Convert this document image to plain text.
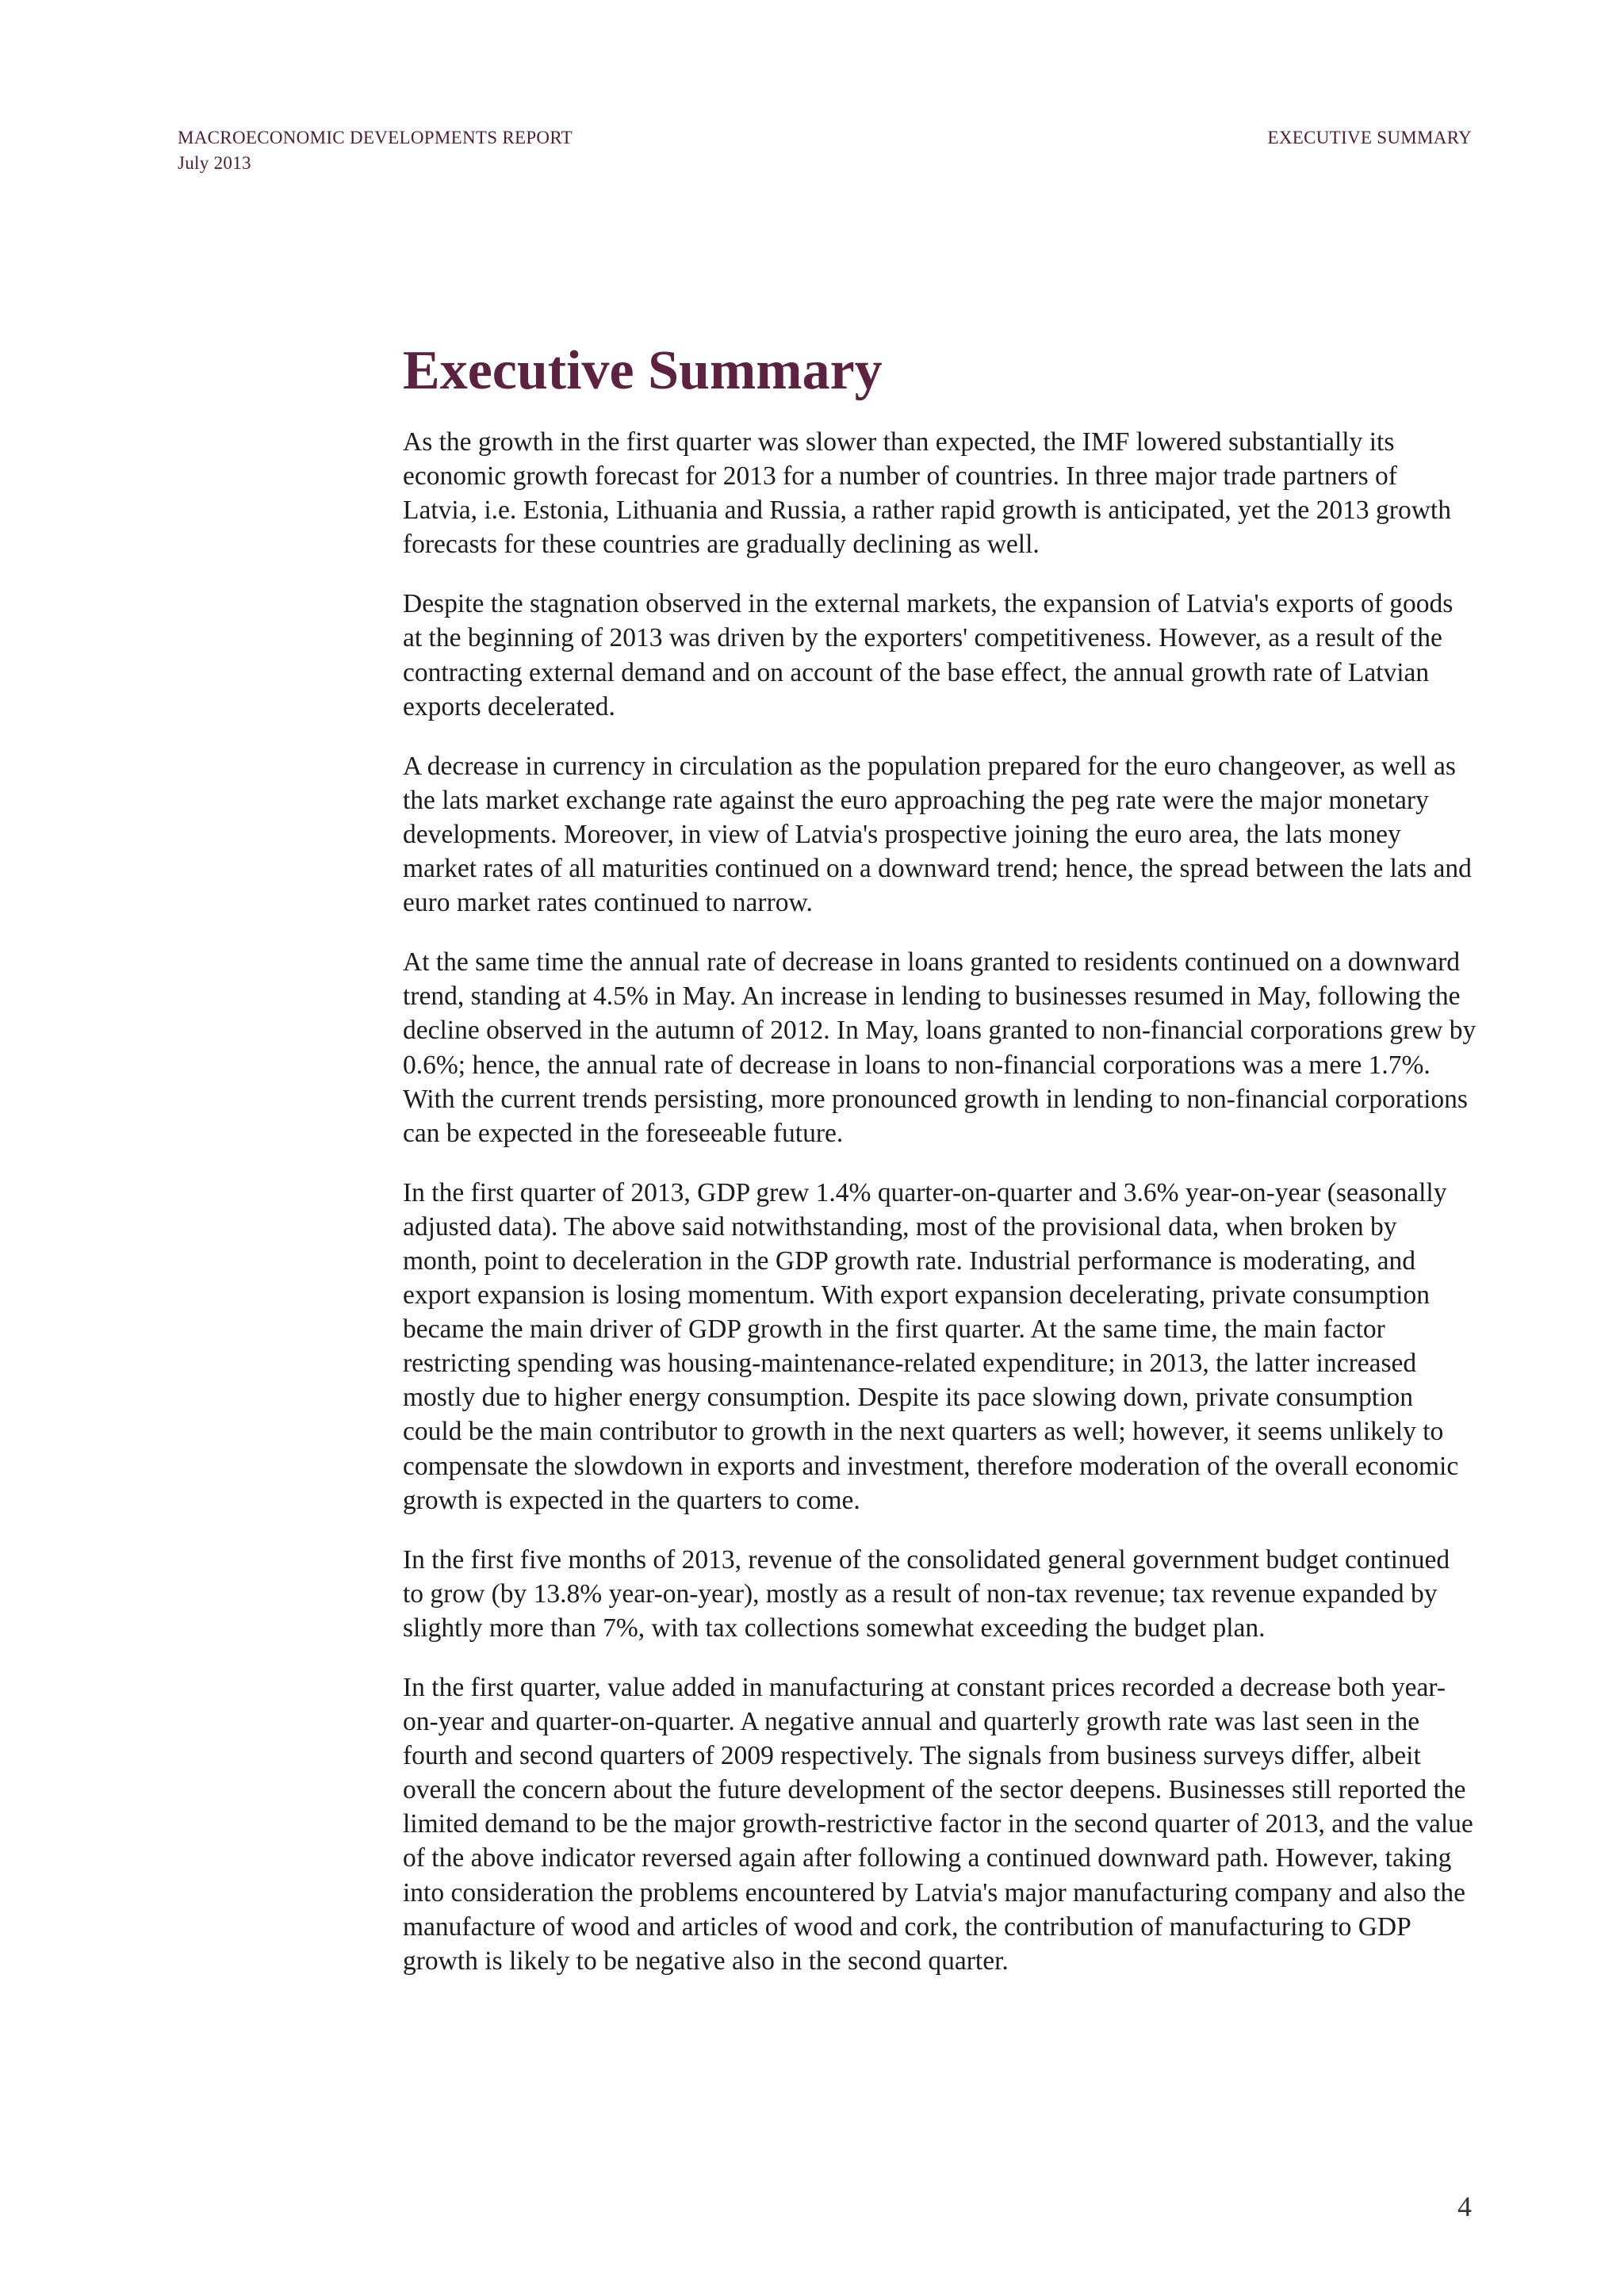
MACROECONOMIC DEVELOPMENTS REPORT
July 2013
EXECUTIVE SUMMARY
Executive Summary

As the growth in the first quarter was slower than expected, the IMF lowered substantially its economic growth forecast for 2013 for a number of countries. In three major trade partners of Latvia, i.e. Estonia, Lithuania and Russia, a rather rapid growth is anticipated, yet the 2013 growth forecasts for these countries are gradually declining as well.

Despite the stagnation observed in the external markets, the expansion of Latvia's exports of goods at the beginning of 2013 was driven by the exporters' competitiveness. However, as a result of the contracting external demand and on account of the base effect, the annual growth rate of Latvian exports decelerated.

A decrease in currency in circulation as the population prepared for the euro changeover, as well as the lats market exchange rate against the euro approaching the peg rate were the major monetary developments. Moreover, in view of Latvia's prospective joining the euro area, the lats money market rates of all maturities continued on a downward trend; hence, the spread between the lats and euro market rates continued to narrow.

At the same time the annual rate of decrease in loans granted to residents continued on a downward trend, standing at 4.5% in May. An increase in lending to businesses resumed in May, following the decline observed in the autumn of 2012. In May, loans granted to non-financial corporations grew by 0.6%; hence, the annual rate of decrease in loans to non-financial corporations was a mere 1.7%. With the current trends persisting, more pronounced growth in lending to non-financial corporations can be expected in the foreseeable future.

In the first quarter of 2013, GDP grew 1.4% quarter-on-quarter and 3.6% year-on-year (seasonally adjusted data). The above said notwithstanding, most of the provisional data, when broken by month, point to deceleration in the GDP growth rate. Industrial performance is moderating, and export expansion is losing momentum. With export expansion decelerating, private consumption became the main driver of GDP growth in the first quarter. At the same time, the main factor restricting spending was housing-maintenance-related expenditure; in 2013, the latter increased mostly due to higher energy consumption. Despite its pace slowing down, private consumption could be the main contributor to growth in the next quarters as well; however, it seems unlikely to compensate the slowdown in exports and investment, therefore moderation of the overall economic growth is expected in the quarters to come.

In the first five months of 2013, revenue of the consolidated general government budget continued to grow (by 13.8% year-on-year), mostly as a result of non-tax revenue; tax revenue expanded by slightly more than 7%, with tax collections somewhat exceeding the budget plan.

In the first quarter, value added in manufacturing at constant prices recorded a decrease both year-on-year and quarter-on-quarter. A negative annual and quarterly growth rate was last seen in the fourth and second quarters of 2009 respectively. The signals from business surveys differ, albeit overall the concern about the future development of the sector deepens. Businesses still reported the limited demand to be the major growth-restrictive factor in the second quarter of 2013, and the value of the above indicator reversed again after following a continued downward path. However, taking into consideration the problems encountered by Latvia's major manufacturing company and also the manufacture of wood and articles of wood and cork, the contribution of manufacturing to GDP growth is likely to be negative also in the second quarter.

4
